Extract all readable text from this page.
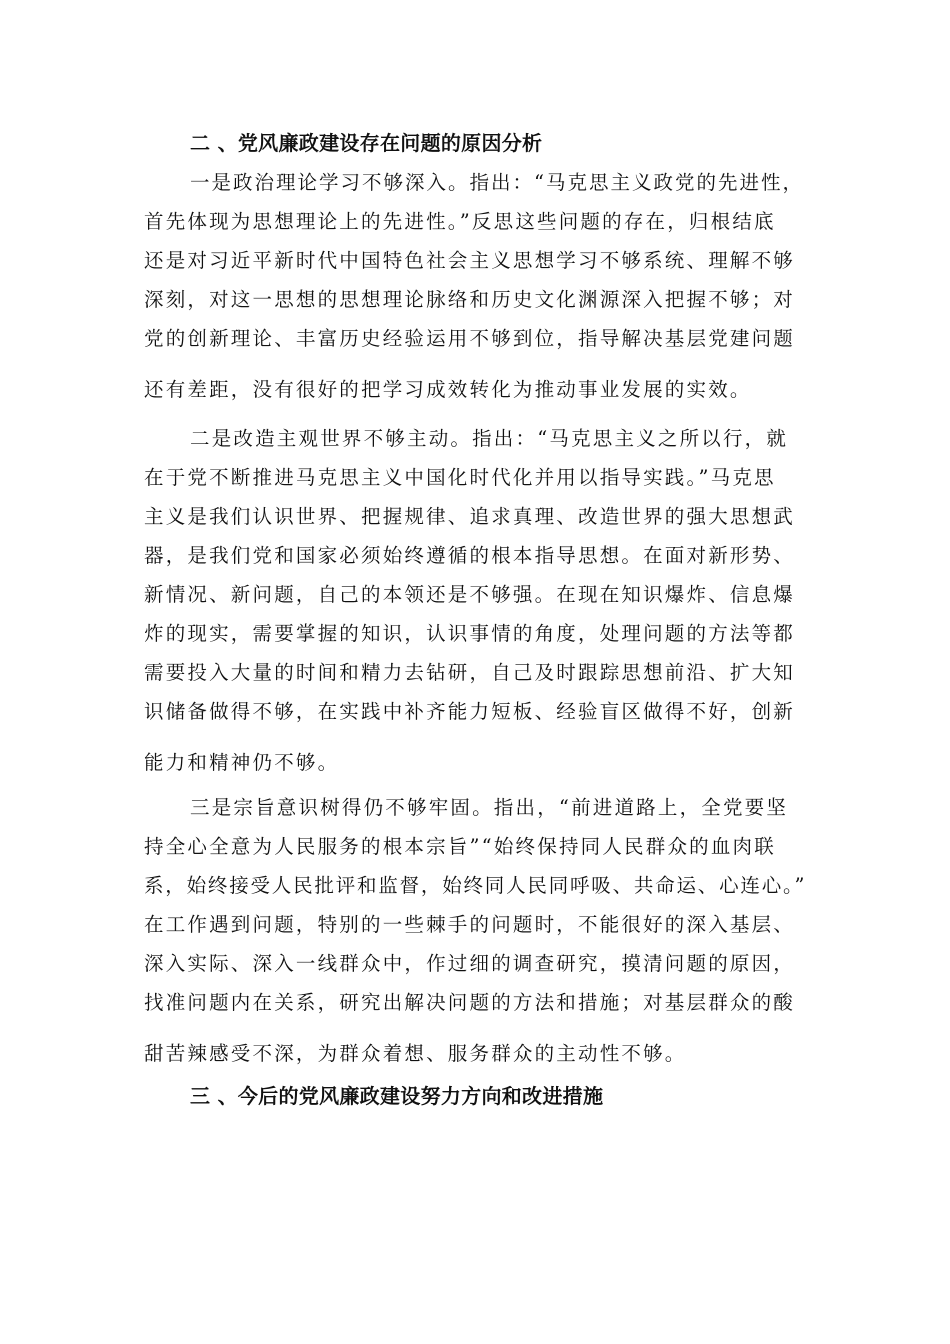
二 、党风廉政建设存在问题的原因分析
一是政治理论学习不够深入。指出：“马克思主义政党的先进性，
首先体现为思想理论上的先进性。”反思这些问题的存在，归根结底
还是对习近平新时代中国特色社会主义思想学习不够系统、理解不够
深刻，对这一思想的思想理论脉络和历史文化渊源深入把握不够；对
党的创新理论、丰富历史经验运用不够到位，指导解决基层党建问题
还有差距，没有很好的把学习成效转化为推动事业发展的实效。
二是改造主观世界不够主动。指出：“马克思主义之所以行，就
在于党不断推进马克思主义中国化时代化并用以指导实践。”马克思
主义是我们认识世界、把握规律、追求真理、改造世界的强大思想武
器，是我们党和国家必须始终遵循的根本指导思想。在面对新形势、
新情况、新问题，自己的本领还是不够强。在现在知识爆炸、信息爆
炸的现实，需要掌握的知识，认识事情的角度，处理问题的方法等都
需要投入大量的时间和精力去钻研，自己及时跟踪思想前沿、扩大知
识储备做得不够，在实践中补齐能力短板、经验盲区做得不好，创新
能力和精神仍不够。
三是宗旨意识树得仍不够牢固。指出，“前进道路上，全党要坚
持全心全意为人民服务的根本宗旨”“始终保持同人民群众的血肉联
系，始终接受人民批评和监督，始终同人民同呼吸、共命运、心连心。”
在工作遇到问题，特别的一些棘手的问题时，不能很好的深入基层、
深入实际、深入一线群众中，作过细的调查研究，摸清问题的原因，
找准问题内在关系，研究出解决问题的方法和措施；对基层群众的酸
甜苦辣感受不深，为群众着想、服务群众的主动性不够。
三 、今后的党风廉政建设努力方向和改进措施
